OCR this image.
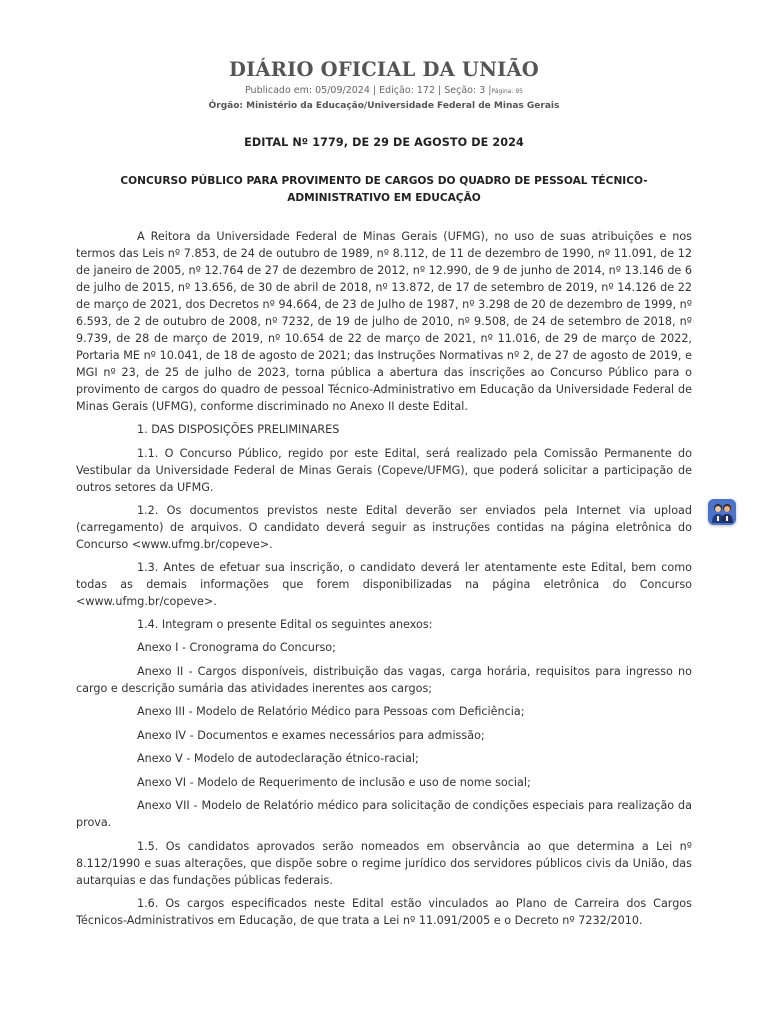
DIÁRIO OFICIAL DA UNIÃO
Publicado em: 05/09/2024 | Edição: 172 | Seção: 3 |Página: 95
Órgão: Ministério da Educação/Universidade Federal de Minas Gerais
EDITAL Nº 1779, DE 29 DE AGOSTO DE 2024
CONCURSO PÚBLICO PARA PROVIMENTO DE CARGOS DO QUADRO DE PESSOAL TÉCNICO-ADMINISTRATIVO EM EDUCAÇÃO

A Reitora da Universidade Federal de Minas Gerais (UFMG), no uso de suas atribuições e nos termos das Leis nº 7.853, de 24 de outubro de 1989, nº 8.112, de 11 de dezembro de 1990, nº 11.091, de 12 de janeiro de 2005, nº 12.764 de 27 de dezembro de 2012, nº 12.990, de 9 de junho de 2014, nº 13.146 de 6 de julho de 2015, nº 13.656, de 30 de abril de 2018, nº 13.872, de 17 de setembro de 2019, nº 14.126 de 22 de março de 2021, dos Decretos nº 94.664, de 23 de Julho de 1987, nº 3.298 de 20 de dezembro de 1999, nº 6.593, de 2 de outubro de 2008, nº 7232, de 19 de julho de 2010, nº 9.508, de 24 de setembro de 2018, nº 9.739, de 28 de março de 2019, nº 10.654 de 22 de março de 2021, nº 11.016, de 29 de março de 2022, Portaria ME nº 10.041, de 18 de agosto de 2021; das Instruções Normativas nº 2, de 27 de agosto de 2019, e MGI nº 23, de 25 de julho de 2023, torna pública a abertura das inscrições ao Concurso Público para o provimento de cargos do quadro de pessoal Técnico-Administrativo em Educação da Universidade Federal de Minas Gerais (UFMG), conforme discriminado no Anexo II deste Edital.

1. DAS DISPOSIÇÕES PRELIMINARES

1.1. O Concurso Público, regido por este Edital, será realizado pela Comissão Permanente do Vestibular da Universidade Federal de Minas Gerais (Copeve/UFMG), que poderá solicitar a participação de outros setores da UFMG.

1.2. Os documentos previstos neste Edital deverão ser enviados pela Internet via upload (carregamento) de arquivos. O candidato deverá seguir as instruções contidas na página eletrônica do Concurso <www.ufmg.br/copeve>.

1.3. Antes de efetuar sua inscrição, o candidato deverá ler atentamente este Edital, bem como todas as demais informações que forem disponibilizadas na página eletrônica do Concurso <www.ufmg.br/copeve>.

1.4. Integram o presente Edital os seguintes anexos:

Anexo I - Cronograma do Concurso;

Anexo II - Cargos disponíveis, distribuição das vagas, carga horária, requisitos para ingresso no cargo e descrição sumária das atividades inerentes aos cargos;

Anexo III - Modelo de Relatório Médico para Pessoas com Deficiência;

Anexo IV - Documentos e exames necessários para admissão;

Anexo V - Modelo de autodeclaração étnico-racial;

Anexo VI - Modelo de Requerimento de inclusão e uso de nome social;

Anexo VII - Modelo de Relatório médico para solicitação de condições especiais para realização da prova.

1.5. Os candidatos aprovados serão nomeados em observância ao que determina a Lei nº 8.112/1990 e suas alterações, que dispõe sobre o regime jurídico dos servidores públicos civis da União, das autarquias e das fundações públicas federais.

1.6. Os cargos especificados neste Edital estão vinculados ao Plano de Carreira dos Cargos Técnicos-Administrativos em Educação, de que trata a Lei nº 11.091/2005 e o Decreto nº 7232/2010.
